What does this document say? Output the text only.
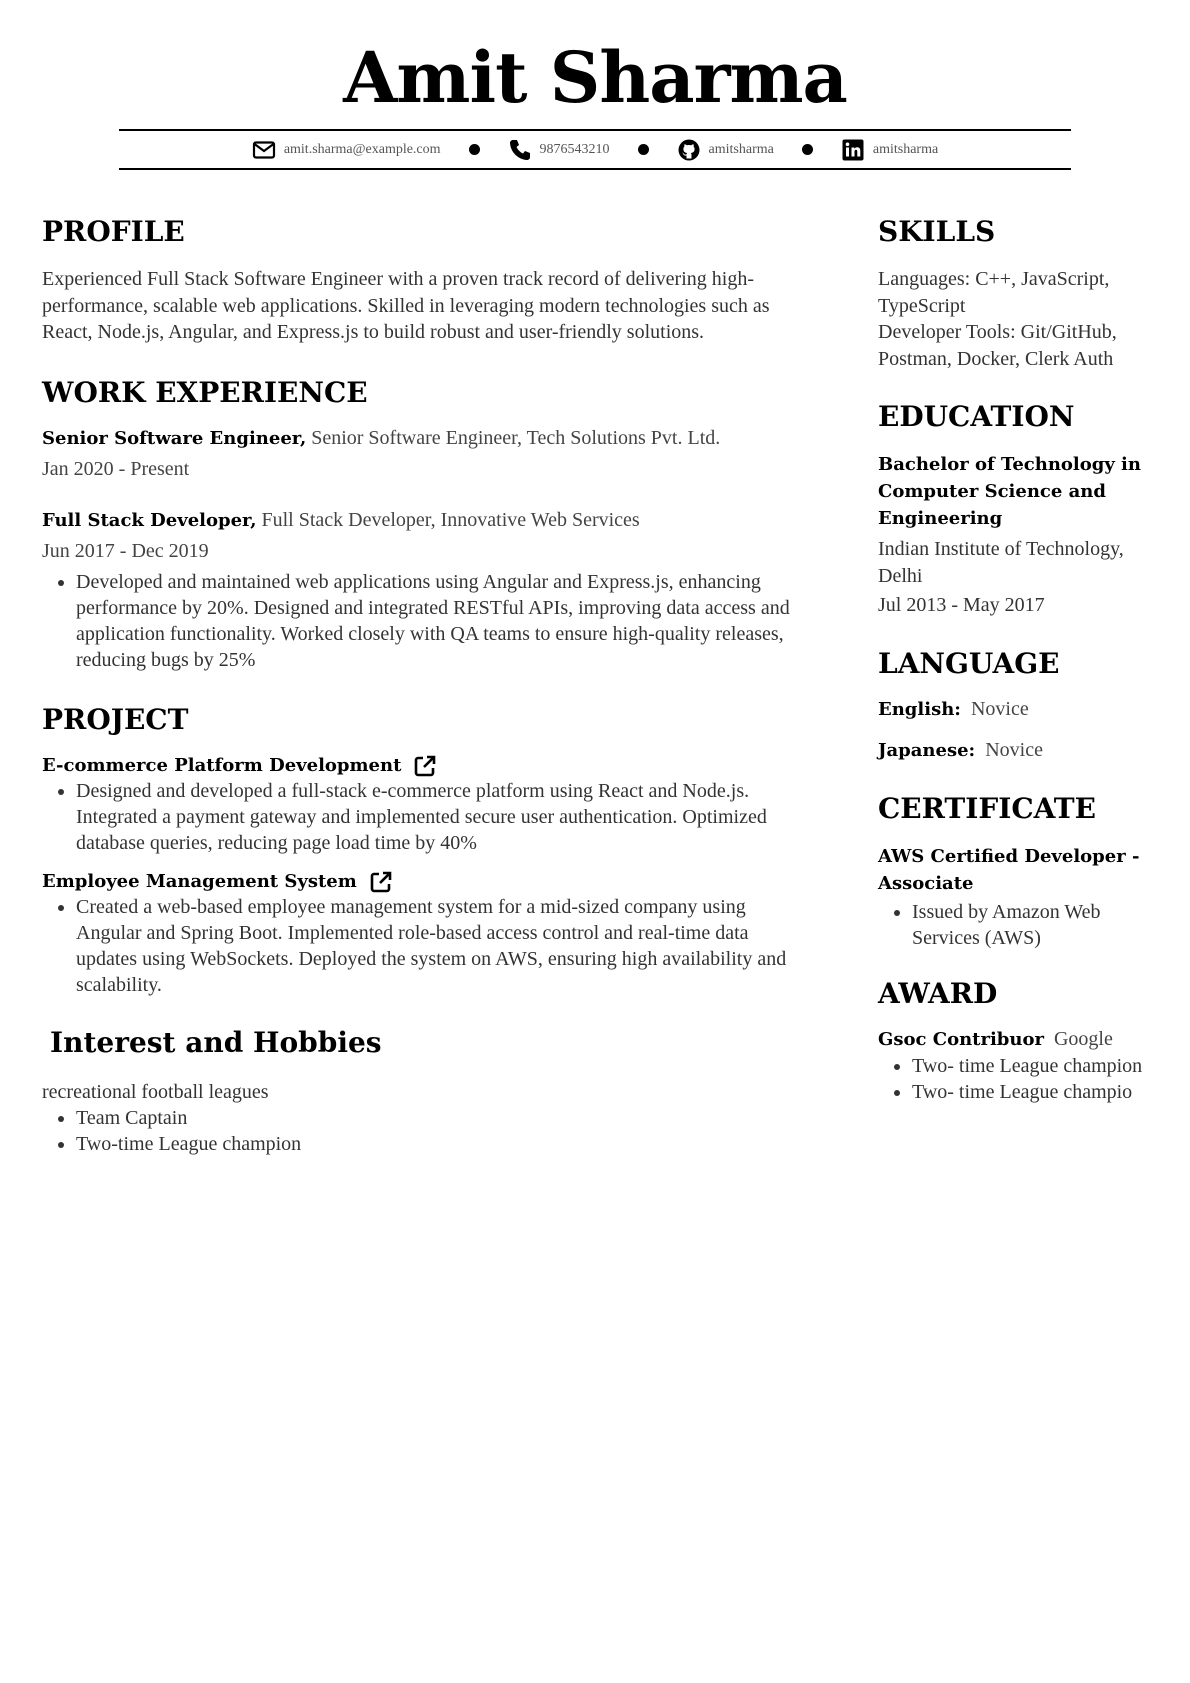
Amit Sharma
amit.sharma@example.com	9876543210	amitsharma	amitsharma
PROFILE

Experienced Full Stack Software Engineer with a proven track record of delivering high-performance, scalable web applications. Skilled in leveraging modern technologies such as React, Node.js, Angular, and Express.js to build robust and user-friendly solutions.

WORK EXPERIENCE
Senior Software Engineer, Senior Software Engineer, Tech Solutions Pvt. Ltd.
Jan 2020 - Present
Full Stack Developer, Full Stack Developer, Innovative Web Services
Jun 2017 - Dec 2019
• Developed and maintained web applications using Angular and Express.js, enhancing performance by 20%. Designed and integrated RESTful APIs, improving data access and application functionality. Worked closely with QA teams to ensure high-quality releases, reducing bugs by 25%
PROJECT
E-commerce Platform Development
• Designed and developed a full-stack e-commerce platform using React and Node.js. Integrated a payment gateway and implemented secure user authentication. Optimized database queries, reducing page load time by 40%
Employee Management System
• Created a web-based employee management system for a mid-sized company using Angular and Spring Boot. Implemented role-based access control and real-time data updates using WebSockets. Deployed the system on AWS, ensuring high availability and scalability.
Interest and Hobbies

recreational football leagues

• Team Captain
• Two-time League champion
SKILLS

Languages: C++, JavaScript, TypeScript

Developer Tools: Git/GitHub, Postman, Docker, Clerk Auth

EDUCATION
Bachelor of Technology in Computer Science and Engineering

Indian Institute of Technology, Delhi

Jul 2013 - May 2017

LANGUAGE
English: Novice
Japanese: Novice
CERTIFICATE
AWS Certified Developer - Associate
• Issued by Amazon Web Services (AWS)
AWARD
Gsoc Contribuor Google
• Two- time League champion
• Two- time League champio
